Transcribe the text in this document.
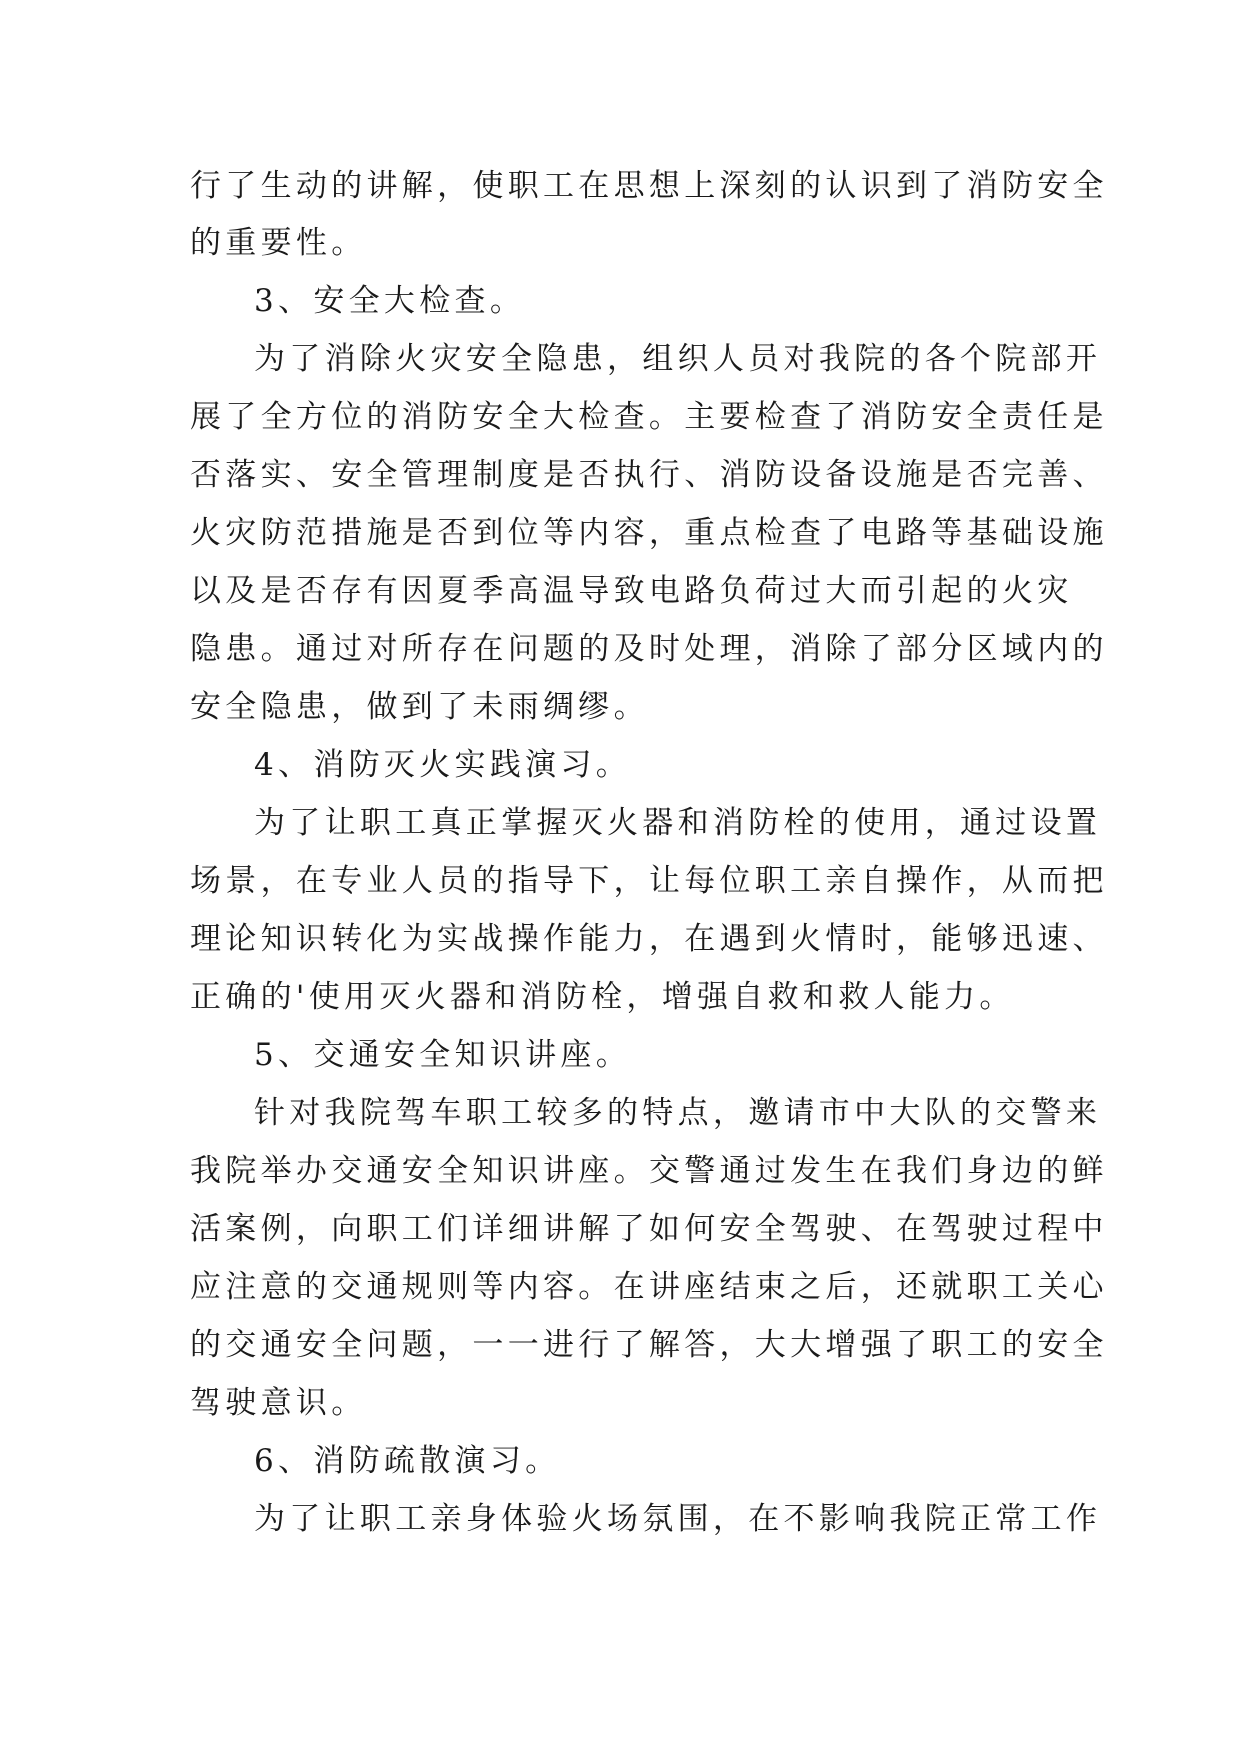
行了生动的讲解，使职工在思想上深刻的认识到了消防安全
的重要性。
3、安全大检查。
为了消除火灾安全隐患，组织人员对我院的各个院部开
展了全方位的消防安全大检查。主要检查了消防安全责任是
否落实、安全管理制度是否执行、消防设备设施是否完善、
火灾防范措施是否到位等内容，重点检查了电路等基础设施
以及是否存有因夏季高温导致电路负荷过大而引起的火灾
隐患。通过对所存在问题的及时处理，消除了部分区域内的
安全隐患，做到了未雨绸缪。
4、消防灭火实践演习。
为了让职工真正掌握灭火器和消防栓的使用，通过设置
场景，在专业人员的指导下，让每位职工亲自操作，从而把
理论知识转化为实战操作能力，在遇到火情时，能够迅速、
正确的'使用灭火器和消防栓，增强自救和救人能力。
5、交通安全知识讲座。
针对我院驾车职工较多的特点，邀请市中大队的交警来
我院举办交通安全知识讲座。交警通过发生在我们身边的鲜
活案例，向职工们详细讲解了如何安全驾驶、在驾驶过程中
应注意的交通规则等内容。在讲座结束之后，还就职工关心
的交通安全问题，一一进行了解答，大大增强了职工的安全
驾驶意识。
6、消防疏散演习。
为了让职工亲身体验火场氛围，在不影响我院正常工作
